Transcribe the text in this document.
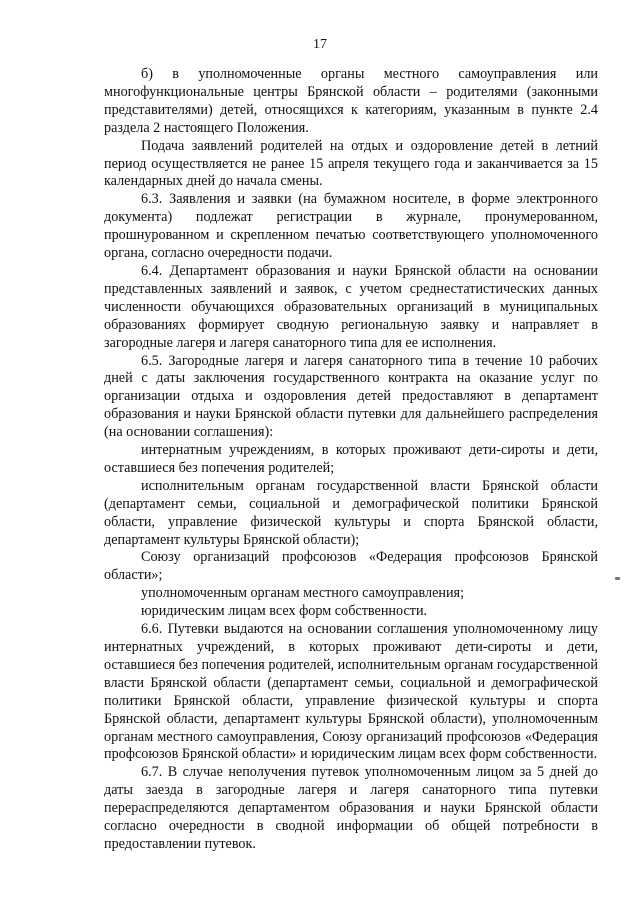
17

б) в уполномоченные органы местного самоуправления или многофункциональные центры Брянской области – родителями (законными представителями) детей, относящихся к категориям, указанным в пункте 2.4 раздела 2 настоящего Положения.

Подача заявлений родителей на отдых и оздоровление детей в летний период осуществляется не ранее 15 апреля текущего года и заканчивается за 15 календарных дней до начала смены.

6.3. Заявления и заявки (на бумажном носителе, в форме электронного документа) подлежат регистрации в журнале, пронумерованном, прошнурованном и скрепленном печатью соответствующего уполномоченного органа, согласно очередности подачи.

6.4. Департамент образования и науки Брянской области на основании представленных заявлений и заявок, с учетом среднестатистических данных численности обучающихся образовательных организаций в муниципальных образованиях формирует сводную региональную заявку и направляет в загородные лагеря и лагеря санаторного типа для ее исполнения.

6.5. Загородные лагеря и лагеря санаторного типа в течение 10 рабочих дней с даты заключения государственного контракта на оказание услуг по организации отдыха и оздоровления детей предоставляют в департамент образования и науки Брянской области путевки для дальнейшего распределения (на основании соглашения):

интернатным учреждениям, в которых проживают дети-сироты и дети, оставшиеся без попечения родителей;

исполнительным органам государственной власти Брянской области (департамент семьи, социальной и демографической политики Брянской области, управление физической культуры и спорта Брянской области, департамент культуры Брянской области);

Союзу организаций профсоюзов «Федерация профсоюзов Брянской области»;

уполномоченным органам местного самоуправления;

юридическим лицам всех форм собственности.

6.6. Путевки выдаются на основании соглашения уполномоченному лицу интернатных учреждений, в которых проживают дети-сироты и дети, оставшиеся без попечения родителей, исполнительным органам государственной власти Брянской области (департамент семьи, социальной и демографической политики Брянской области, управление физической культуры и спорта Брянской области, департамент культуры Брянской области), уполномоченным органам местного самоуправления, Союзу организаций профсоюзов «Федерация профсоюзов Брянской области» и юридическим лицам всех форм собственности.

6.7. В случае неполучения путевок уполномоченным лицом за 5 дней до даты заезда в загородные лагеря и лагеря санаторного типа путевки перераспределяются департаментом образования и науки Брянской области согласно очередности в сводной информации об общей потребности в предоставлении путевок.
